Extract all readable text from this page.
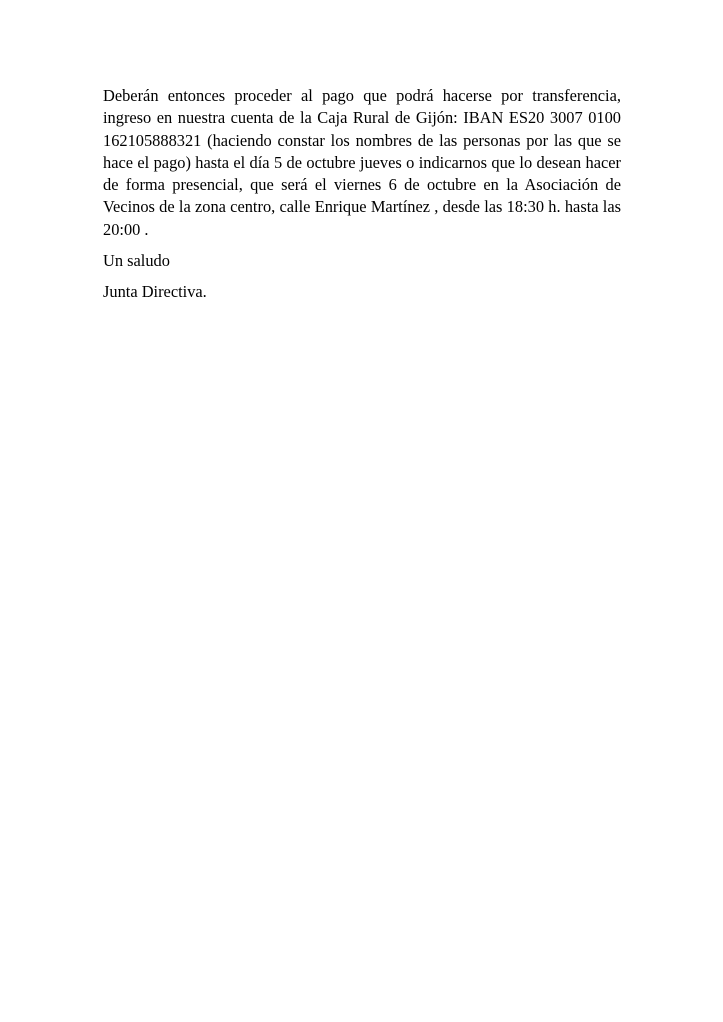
Deberán entonces proceder al pago que podrá hacerse por transferencia, ingreso en nuestra cuenta de la Caja Rural de Gijón: IBAN ES20 3007 0100 162105888321 (haciendo constar los nombres de las personas por las que se hace el pago) hasta el día 5 de octubre jueves o indicarnos que lo desean hacer de forma presencial, que será el viernes 6 de octubre en la Asociación de Vecinos de la zona centro, calle Enrique Martínez , desde las 18:30 h. hasta las 20:00 .

Un saludo

Junta Directiva.
